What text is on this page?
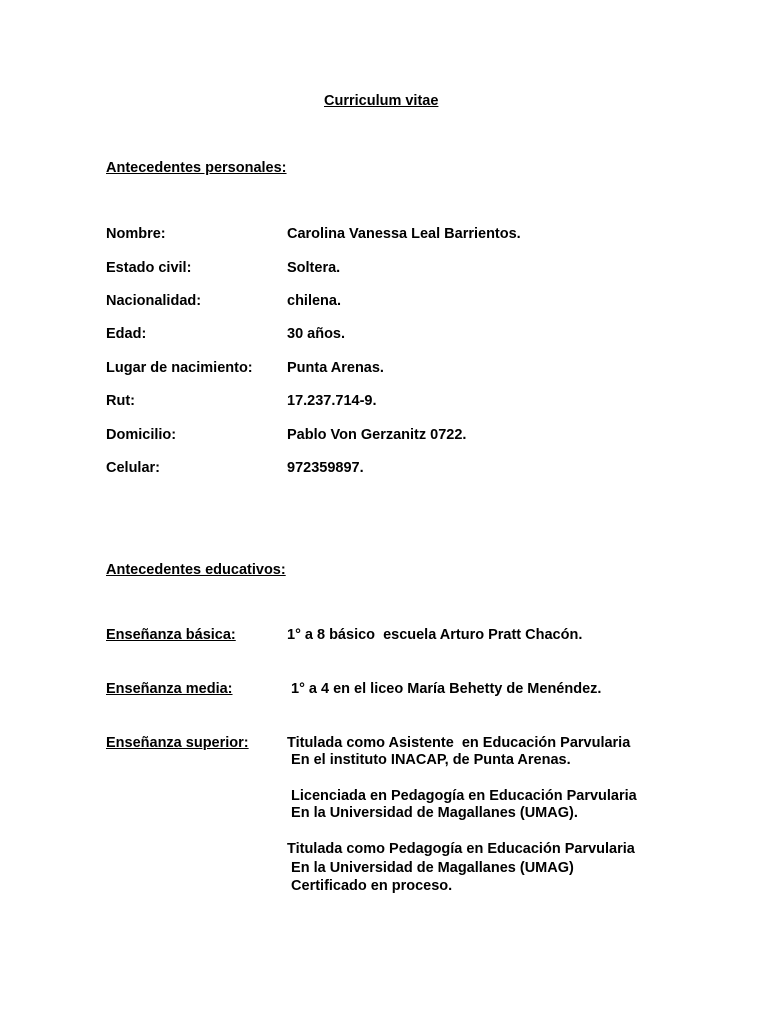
Curriculum vitae
Antecedentes personales:
Nombre:	Carolina Vanessa Leal Barrientos.
Estado civil:	Soltera.
Nacionalidad:	chilena.
Edad:	30 años.
Lugar de nacimiento: Punta Arenas.
Rut:	17.237.714-9.
Domicilio:	Pablo Von Gerzanitz 0722.
Celular:	972359897.
Antecedentes educativos:
Enseñanza básica:	1° a 8 básico  escuela Arturo Pratt Chacón.
Enseñanza media:	1° a 4 en el liceo María Behetty de Menéndez.
Enseñanza superior:	Titulada como Asistente  en Educación Parvularia
En el instituto INACAP, de Punta Arenas.
Licenciada en Pedagogía en Educación Parvularia
En la Universidad de Magallanes (UMAG).
Titulada como Pedagogía en Educación Parvularia
En la Universidad de Magallanes (UMAG)
Certificado en proceso.
